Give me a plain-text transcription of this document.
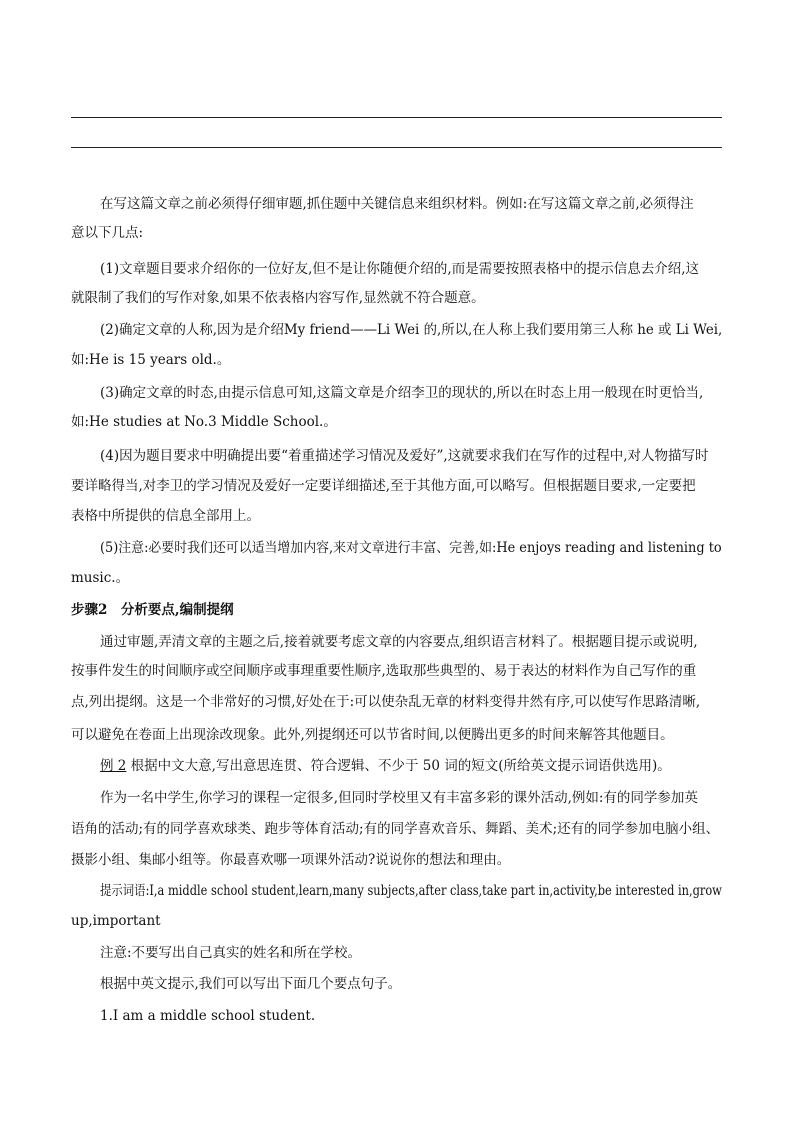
在写这篇文章之前必须得仔细审题,抓住题中关键信息来组织材料。例如:在写这篇文章之前,必须得注
意以下几点:
(1)文章题目要求介绍你的一位好友,但不是让你随便介绍的,而是需要按照表格中的提示信息去介绍,这
就限制了我们的写作对象,如果不依表格内容写作,显然就不符合题意。
(2)确定文章的人称,因为是介绍My friend——Li Wei 的,所以,在人称上我们要用第三人称 he 或 Li Wei,
如:He is 15 years old.。
(3)确定文章的时态,由提示信息可知,这篇文章是介绍李卫的现状的,所以在时态上用一般现在时更恰当,
如:He studies at No.3 Middle School.。
(4)因为题目要求中明确提出要“着重描述学习情况及爱好”,这就要求我们在写作的过程中,对人物描写时
要详略得当,对李卫的学习情况及爱好一定要详细描述,至于其他方面,可以略写。但根据题目要求,一定要把
表格中所提供的信息全部用上。
(5)注意:必要时我们还可以适当增加内容,来对文章进行丰富、完善,如:He enjoys reading and listening to
music.。
步骤2　分析要点,编制提纲
通过审题,弄清文章的主题之后,接着就要考虑文章的内容要点,组织语言材料了。根据题目提示或说明,
按事件发生的时间顺序或空间顺序或事理重要性顺序,选取那些典型的、易于表达的材料作为自己写作的重
点,列出提纲。这是一个非常好的习惯,好处在于:可以使杂乱无章的材料变得井然有序,可以使写作思路清晰,
可以避免在卷面上出现涂改现象。此外,列提纲还可以节省时间,以便腾出更多的时间来解答其他题目。
例 2 根据中文大意,写出意思连贯、符合逻辑、不少于 50 词的短文(所给英文提示词语供选用)。
作为一名中学生,你学习的课程一定很多,但同时学校里又有丰富多彩的课外活动,例如:有的同学参加英
语角的活动;有的同学喜欢球类、跑步等体育活动;有的同学喜欢音乐、舞蹈、美术;还有的同学参加电脑小组、
摄影小组、集邮小组等。你最喜欢哪一项课外活动?说说你的想法和理由。
提示词语:I,a middle school student,learn,many subjects,after class,take part in,activity,be interested in,grow
up,important
注意:不要写出自己真实的姓名和所在学校。
根据中英文提示,我们可以写出下面几个要点句子。
1.I am a middle school student.
